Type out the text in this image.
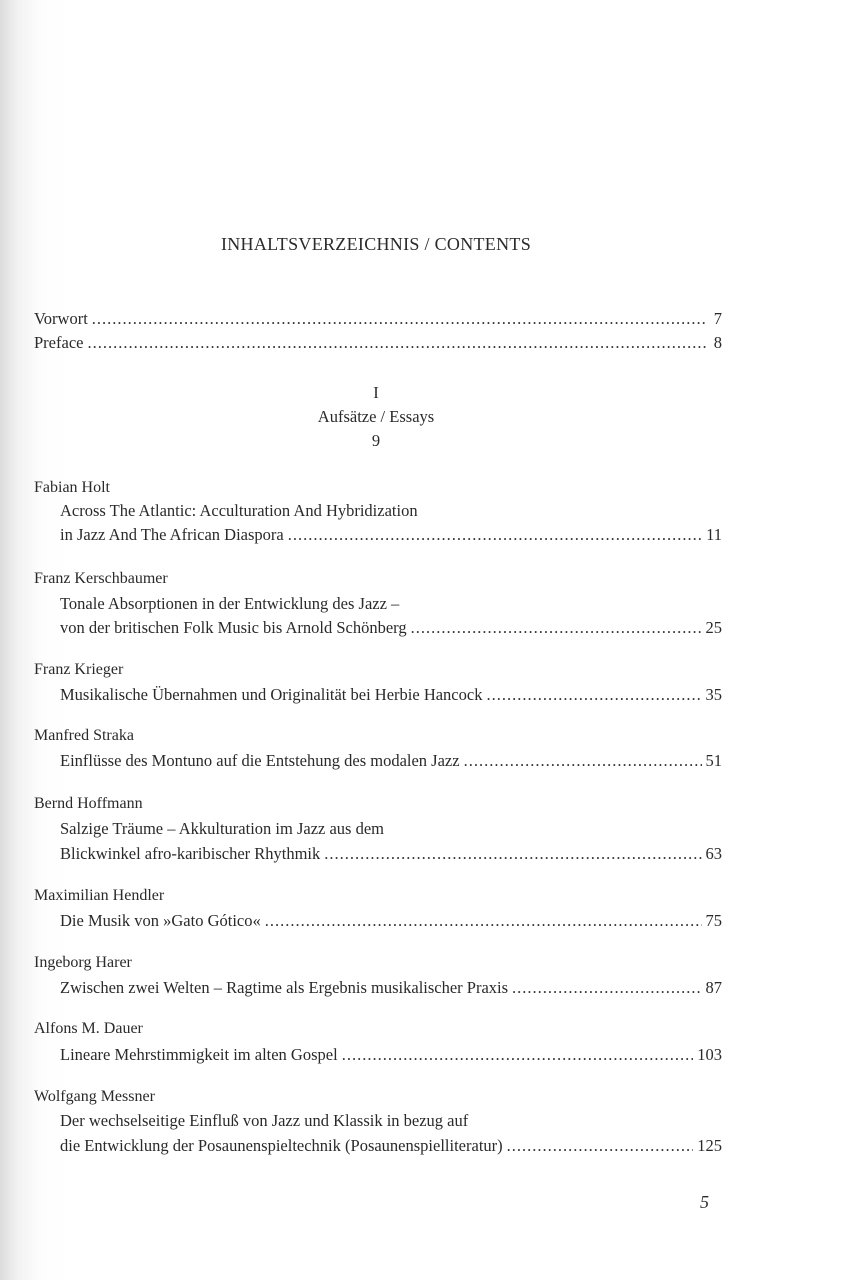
INHALTSVERZEICHNIS / CONTENTS
Vorwort .....	7
Preface .....	8
I
Aufsätze / Essays
9
Fabian Holt
Across The Atlantic: Acculturation And Hybridization
in Jazz And The African Diaspora .....	11
Franz Kerschbaumer
Tonale Absorptionen in der Entwicklung des Jazz –
von der britischen Folk Music bis Arnold Schönberg .....	25
Franz Krieger
Musikalische Übernahmen und Originalität bei Herbie Hancock .....	35
Manfred Straka
Einflüsse des Montuno auf die Entstehung des modalen Jazz .....	51
Bernd Hoffmann
Salzige Träume – Akkulturation im Jazz aus dem
Blickwinkel afro-karibischer Rhythmik .....	63
Maximilian Hendler
Die Musik von »Gato Gótico« .....	75
Ingeborg Harer
Zwischen zwei Welten – Ragtime als Ergebnis musikalischer Praxis .....	87
Alfons M. Dauer
Lineare Mehrstimmigkeit im alten Gospel .....	103
Wolfgang Messner
Der wechselseitige Einfluß von Jazz und Klassik in bezug auf
die Entwicklung der Posaunenspieltechnik (Posaunenspielliteratur) .....	125
5
